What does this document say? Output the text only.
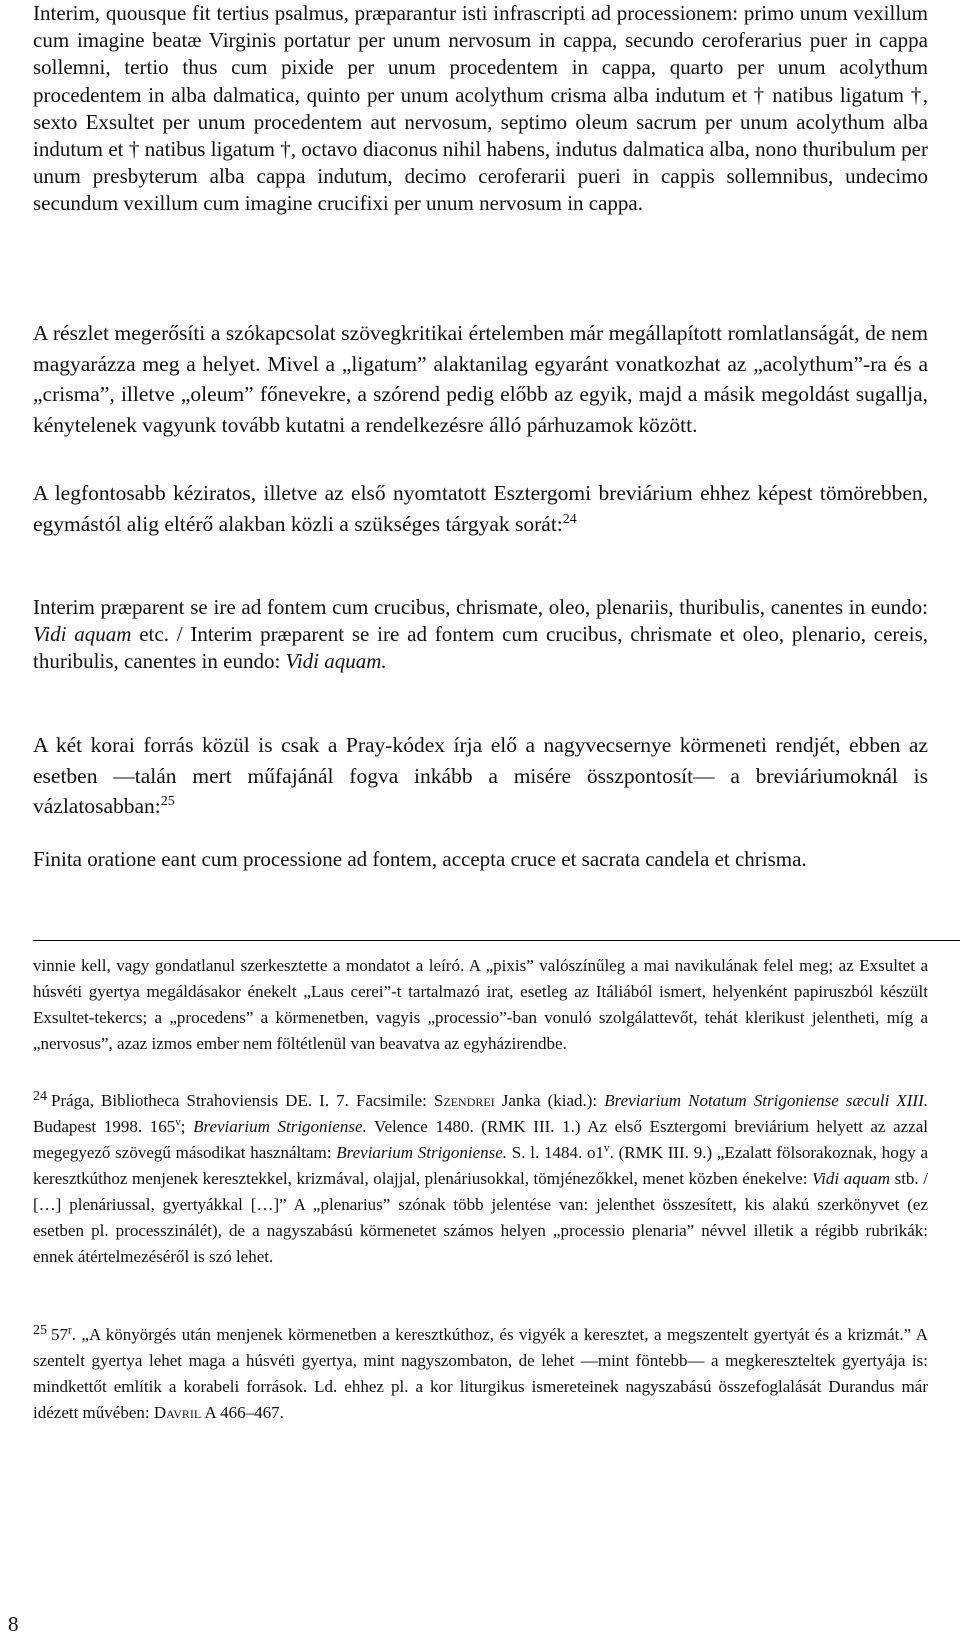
Interim, quousque fit tertius psalmus, præparantur isti infrascripti ad processionem: primo unum vexillum cum imagine beatæ Virginis portatur per unum nervosum in cappa, secundo ceroferarius puer in cappa sollemni, tertio thus cum pixide per unum procedentem in cappa, quarto per unum acolythum procedentem in alba dalmatica, quinto per unum acolythum crisma alba indutum et † natibus ligatum †, sexto Exsultet per unum procedentem aut nervosum, septimo oleum sacrum per unum acolythum alba indutum et † natibus ligatum †, octavo diaconus nihil habens, indutus dalmatica alba, nono thuribulum per unum presbyterum alba cappa indutum, decimo ceroferarii pueri in cappis sollemnibus, undecimo secundum vexillum cum imagine crucifixi per unum nervosum in cappa.

A részlet megerősíti a szókapcsolat szövegkritikai értelemben már megállapított romlatlanságát, de nem magyarázza meg a helyet. Mivel a „ligatum” alaktanilag egyaránt vonatkozhat az „acolythum”-ra és a „crisma”, illetve „oleum” főnevekre, a szórend pedig előbb az egyik, majd a másik megoldást sugallja, kénytelenek vagyunk tovább kutatni a rendelkezésre álló párhuzamok között.

A legfontosabb kéziratos, illetve az első nyomtatott Esztergomi breviárium ehhez képest tömörebben, egymástól alig eltérő alakban közli a szükséges tárgyak sorát:$^{24}$

Interim præparent se ire ad fontem cum crucibus, chrismate, oleo, plenariis, thuribulis, canentes in eundo: Vidi aquam etc. / Interim præparent se ire ad fontem cum crucibus, chrismate et oleo, plenario, cereis, thuribulis, canentes in eundo: Vidi aquam.

A két korai forrás közül is csak a Pray-kódex írja elő a nagyvecsernye körmeneti rendjét, ebben az esetben —talán mert műfajánál fogva inkább a misére összpontosít— a breviáriumoknál is vázlatosabban:$^{25}$

Finita oratione eant cum processione ad fontem, accepta cruce et sacrata candela et chrisma.

vinnie kell, vagy gondatlanul szerkesztette a mondatot a leíró. A „pixis” valószínűleg a mai navikulának felel meg; az Exsultet a húsvéti gyertya megáldásakor énekelt „Laus cerei”-t tartalmazó irat, esetleg az Itáliából ismert, helyenként papiruszból készült Exsultet-tekercs; a „procedens” a körmenetben, vagyis „processio”-ban vonuló szolgálattevőt, tehát klerikust jelentheti, míg a „nervosus”, azaz izmos ember nem föltétlenül van beavatva az egyházirendbe.

$^{24}$ Prága, Bibliotheca Strahoviensis DE. I. 7. Facsimile: Szendrei Janka (kiad.): Breviarium Notatum Strigoniense sæculi XIII. Budapest 1998. 165$^v$; Breviarium Strigoniense. Velence 1480. (RMK III. 1.) Az első Esztergomi breviárium helyett az azzal megegyező szövegű másodikat használtam: Breviarium Strigoniense. S. l. 1484. o1$^v$. (RMK III. 9.) „Ezalatt fölsorakoznak, hogy a keresztkúthoz menjenek keresztekkel, krizmával, olajjal, plenáriusokkal, tömjénezőkkel, menet közben énekelve: Vidi aquam stb. / […] plenáriussal, gyertyákkal […]” A „plenarius” szónak több jelentése van: jelenthet összesített, kis alakú szerkönyvet (ez esetben pl. processzinálét), de a nagyszabású körmenetet számos helyen „processio plenaria” névvel illetik a régibb rubrikák: ennek átértelmezéséről is szó lehet.

$^{25}$ 57$^r$. „A könyörgés után menjenek körmenetben a keresztkúthoz, és vigyék a keresztet, a megszentelt gyertyát és a krizmát.” A szentelt gyertya lehet maga a húsvéti gyertya, mint nagyszombaton, de lehet —mint föntebb— a megkereszteltek gyertyája is: mindkettőt említik a korabeli források. Ld. ehhez pl. a kor liturgikus ismereteinek nagyszabású összefoglalását Durandus már idézett művében: Davril A 466–467.

8
